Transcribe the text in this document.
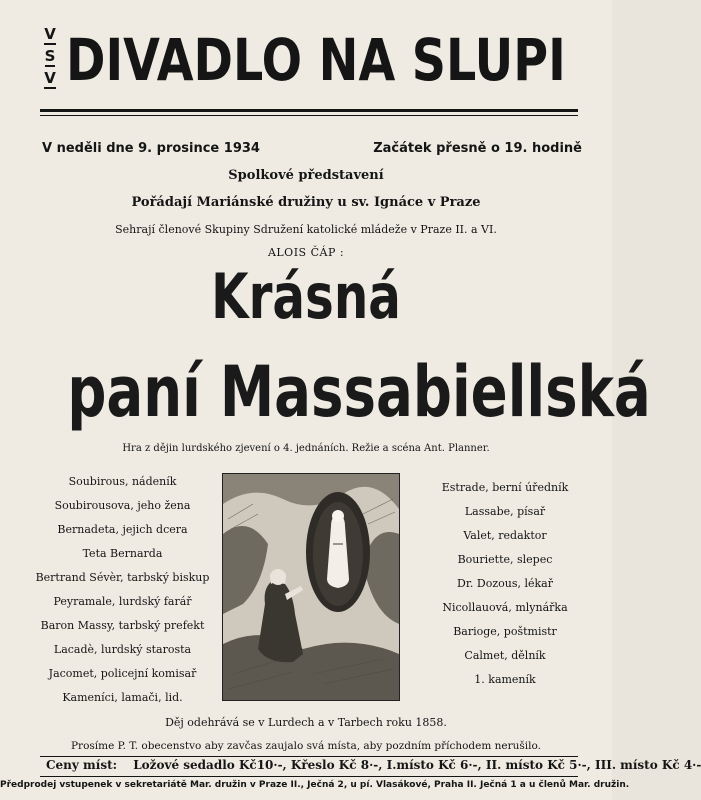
V
S
V DIVADLO NA SLUPI
V neděli dne 9. prosince 1934	Začátek přesně o 19. hodině
Spolkové představení
Pořádají Mariánské družiny u sv. Ignáce v Praze
Sehrají členové Skupiny Sdružení katolické mládeže v Praze II. a VI.
ALOIS ČÁP :
Krásná
paní Massabiellská
Hra z dějin lurdského zjevení o 4. jednáních. Režie a scéna Ant. Planner.
Soubirous, nádeník
Soubirousova, jeho žena
Bernadeta, jejich dcera
Teta Bernarda
Bertrand Sévèr, tarbský biskup
Peyramale, lurdský farář
Baron Massy, tarbský prefekt
Lacadè, lurdský starosta
Jacomet, policejní komisař
Kameníci, lamači, lid.
Estrade, berní úředník
Lassabe, písař
Valet, redaktor
Bouriette, slepec
Dr. Dozous, lékař
Nicollauová, mlynářka
Barioge, poštmistr
Calmet, dělník
1. kameník
Děj odehrává se v Lurdech a v Tarbech roku 1858.
Prosíme P. T. obecenstvo aby zavčas zaujalo svá místa, aby pozdním příchodem nerušilo.
Ceny míst: Ložové sedadlo Kč10·-, Křeslo Kč 8·-, I.místo Kč 6·-, II. místo Kč 5·-, III. místo Kč 4·-
Předprodej vstupenek v sekretariátě Mar. družin v Praze II., Ječná 2, u pí. Vlasákové, Praha II. Ječná 1 a u členů Mar. družin.
